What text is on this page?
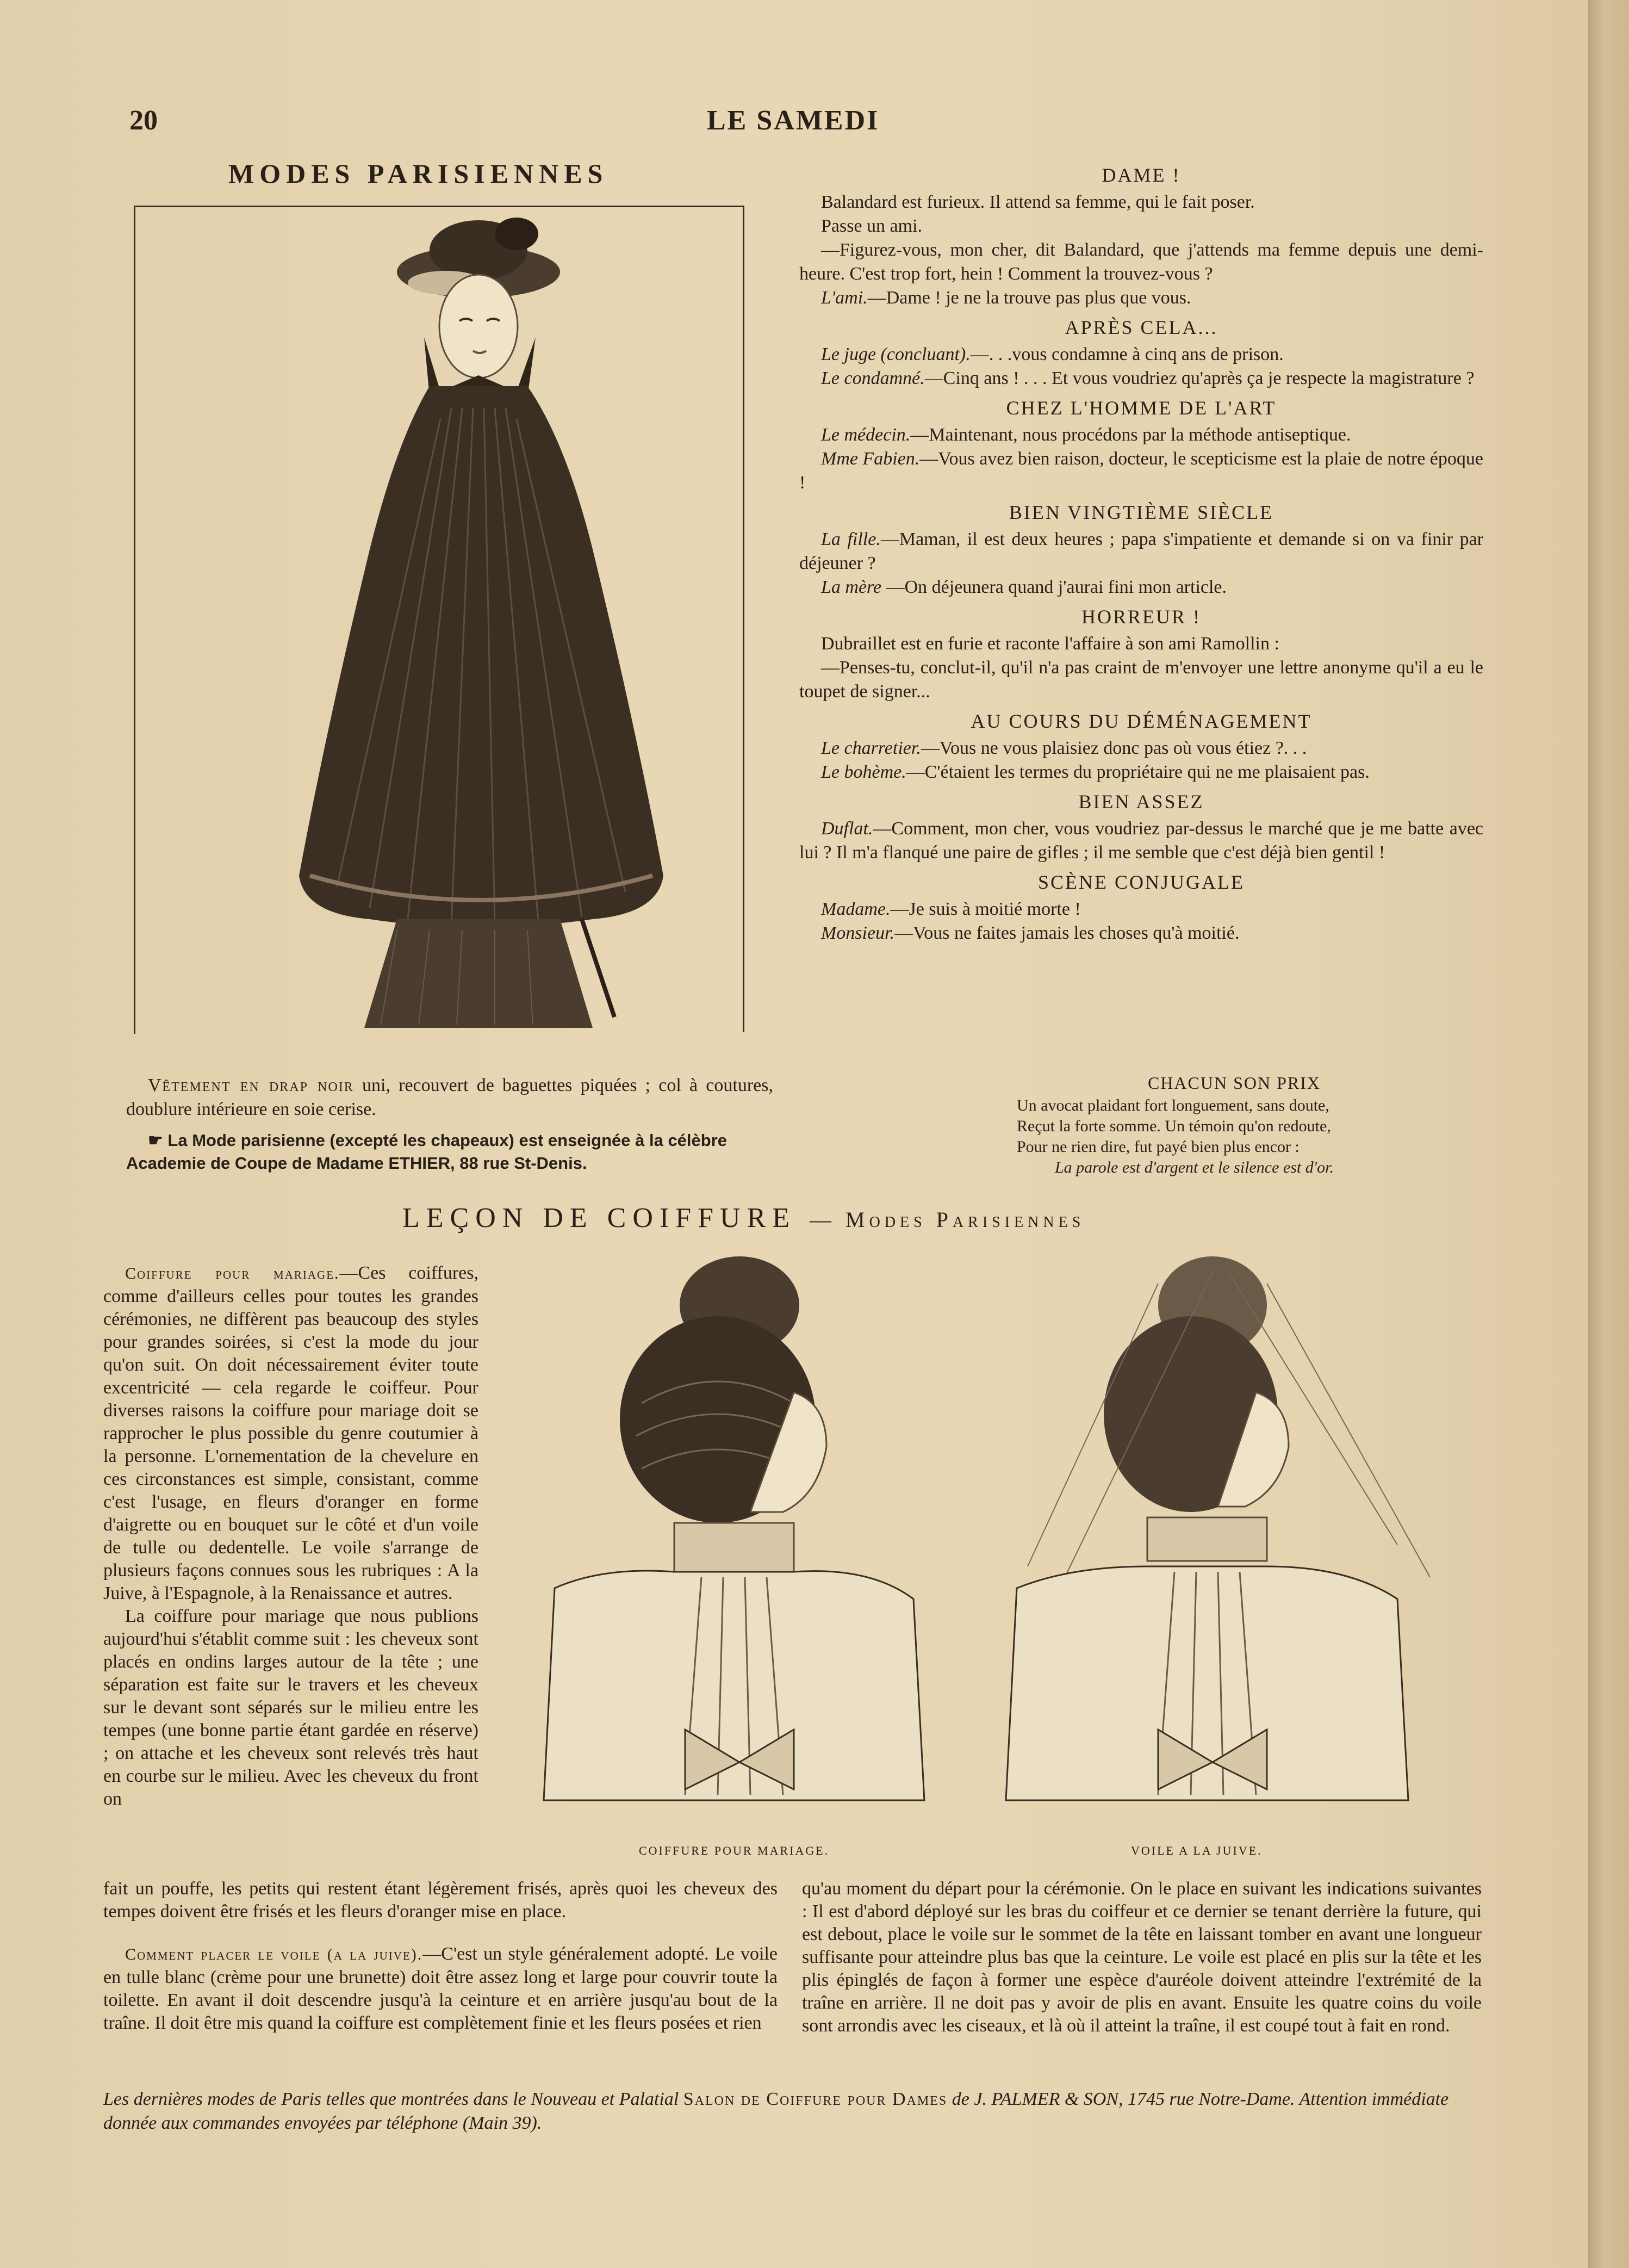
20	LE SAMEDI
MODES PARISIENNES
Vêtement en drap noir uni, recouvert de baguettes piquées ; col à coutures, doublure intérieure en soie cerise.
☛ La Mode parisienne (excepté les chapeaux) est enseignée à la célèbre Academie de Coupe de Madame ETHIER, 88 rue St-Denis.
DAME !

Balandard est furieux. Il attend sa femme, qui le fait poser.

Passe un ami.

—Figurez-vous, mon cher, dit Balandard, que j'attends ma femme depuis une demi-heure. C'est trop fort, hein ! Comment la trouvez-vous ?

L'ami.—Dame ! je ne la trouve pas plus que vous.

APRÈS CELA...

Le juge (concluant).—. . .vous condamne à cinq ans de prison.

Le condamné.—Cinq ans ! . . . Et vous voudriez qu'après ça je respecte la magistrature ?

CHEZ L'HOMME DE L'ART

Le médecin.—Maintenant, nous procédons par la méthode antiseptique.

Mme Fabien.—Vous avez bien raison, docteur, le scepticisme est la plaie de notre époque !

BIEN VINGTIÈME SIÈCLE

La fille.—Maman, il est deux heures ; papa s'impatiente et demande si on va finir par déjeuner ?

La mère —On déjeunera quand j'aurai fini mon article.

HORREUR !

Dubraillet est en furie et raconte l'affaire à son ami Ramollin :

—Penses-tu, conclut-il, qu'il n'a pas craint de m'envoyer une lettre anonyme qu'il a eu le toupet de signer...

AU COURS DU DÉMÉNAGEMENT

Le charretier.—Vous ne vous plaisiez donc pas où vous étiez ?. . .

Le bohème.—C'étaient les termes du propriétaire qui ne me plaisaient pas.

BIEN ASSEZ

Duflat.—Comment, mon cher, vous voudriez par-dessus le marché que je me batte avec lui ? Il m'a flanqué une paire de gifles ; il me semble que c'est déjà bien gentil !

SCÈNE CONJUGALE

Madame.—Je suis à moitié morte !

Monsieur.—Vous ne faites jamais les choses qu'à moitié.

CHACUN SON PRIX
Un avocat plaidant fort longuement, sans doute,
Reçut la forte somme. Un témoin qu'on redoute,
Pour ne rien dire, fut payé bien plus encor :
La parole est d'argent et le silence est d'or.
LEÇON DE COIFFURE — Modes Parisiennes

Coiffure pour mariage.—Ces coiffures, comme d'ailleurs celles pour toutes les grandes cérémonies, ne diffèrent pas beaucoup des styles pour grandes soirées, si c'est la mode du jour qu'on suit. On doit nécessairement éviter toute excentricité — cela regarde le coiffeur. Pour diverses raisons la coiffure pour mariage doit se rapprocher le plus possible du genre coutumier à la personne. L'ornementation de la chevelure en ces circonstances est simple, consistant, comme c'est l'usage, en fleurs d'oranger en forme d'aigrette ou en bouquet sur le côté et d'un voile de tulle ou dedentelle. Le voile s'arrange de plusieurs façons connues sous les rubriques : A la Juive, à l'Espagnole, à la Renaissance et autres.

La coiffure pour mariage que nous publions aujourd'hui s'établit comme suit : les cheveux sont placés en ondins larges autour de la tête ; une séparation est faite sur le travers et les cheveux sur le devant sont séparés sur le milieu entre les tempes (une bonne partie étant gardée en réserve) ; on attache et les cheveux sont relevés très haut en courbe sur le milieu. Avec les cheveux du front on

COIFFURE POUR MARIAGE.	VOILE A LA JUIVE.

fait un pouffe, les petits qui restent étant légèrement frisés, après quoi les cheveux des tempes doivent être frisés et les fleurs d'oranger mise en place.

Comment placer le voile (a la juive).—C'est un style généralement adopté. Le voile en tulle blanc (crème pour une brunette) doit être assez long et large pour couvrir toute la toilette. En avant il doit descendre jusqu'à la ceinture et en arrière jusqu'au bout de la traîne. Il doit être mis quand la coiffure est complètement finie et les fleurs posées et rien

qu'au moment du départ pour la cérémonie. On le place en suivant les indications suivantes : Il est d'abord déployé sur les bras du coiffeur et ce dernier se tenant derrière la future, qui est debout, place le voile sur le sommet de la tête en laissant tomber en avant une longueur suffisante pour atteindre plus bas que la ceinture. Le voile est placé en plis sur la tête et les plis épinglés de façon à former une espèce d'auréole doivent atteindre l'extrémité de la traîne en arrière. Il ne doit pas y avoir de plis en avant. Ensuite les quatre coins du voile sont arrondis avec les ciseaux, et là où il atteint la traîne, il est coupé tout à fait en rond.

Les dernières modes de Paris telles que montrées dans le Nouveau et Palatial Salon de Coiffure pour Dames de J. PALMER & SON, 1745 rue Notre-Dame. Attention immédiate donnée aux commandes envoyées par téléphone (Main 39).
